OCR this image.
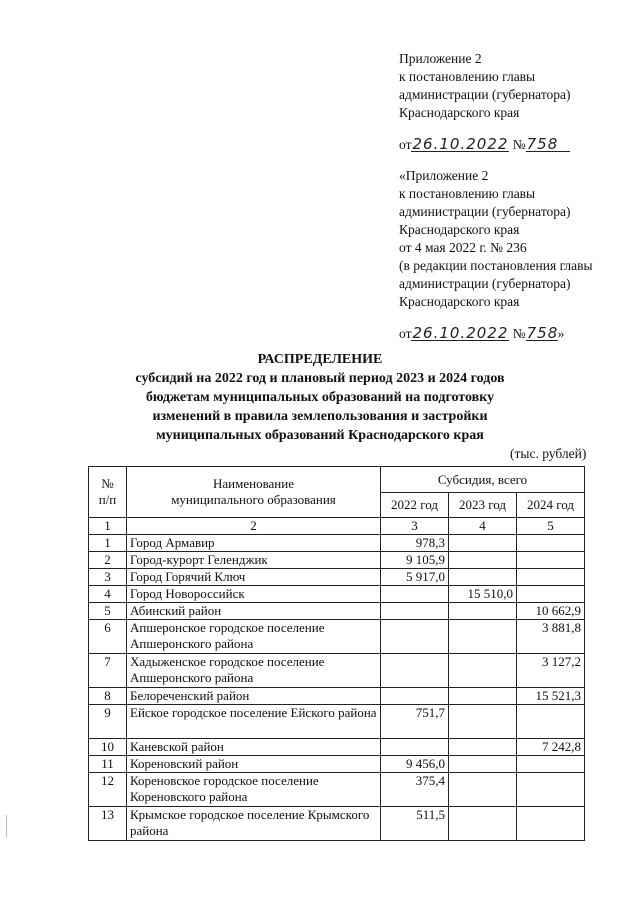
Приложение 2
к постановлению главы
администрации (губернатора)
Краснодарского края
от26.10.2022 №758
«Приложение 2
к постановлению главы
администрации (губернатора)
Краснодарского края
от 4 мая 2022 г. № 236
(в редакции постановления главы
администрации (губернатора)
Краснодарского края
от26.10.2022 №758»
РАСПРЕДЕЛЕНИЕ
субсидий на 2022 год и плановый период 2023 и 2024 годов
бюджетам муниципальных образований на подготовку
изменений в правила землепользования и застройки
муниципальных образований Краснодарского края
(тыс. рублей)
№
п/п	Наименование
муниципального образования	Субсидия, всего		
		2022 год	2023 год	2024 год
1	2	3	4	5
1	Город Армавир	978,3		
2	Город-курорт Геленджик	9 105,9		
3	Город Горячий Ключ	5 917,0		
4	Город Новороссийск		15 510,0	
5	Абинский район			10 662,9
6	Апшеронское городское поселение Апшеронского района			3 881,8
7	Хадыженское городское поселение Апшеронского района			3 127,2
8	Белореченский район			15 521,3
9	Ейское городское поселение Ейского района	751,7		
10	Каневской район			7 242,8
11	Кореновский район	9 456,0		
12	Кореновское городское поселение Кореновского района	375,4		
13	Крымское городское поселение Крымского района	511,5		
